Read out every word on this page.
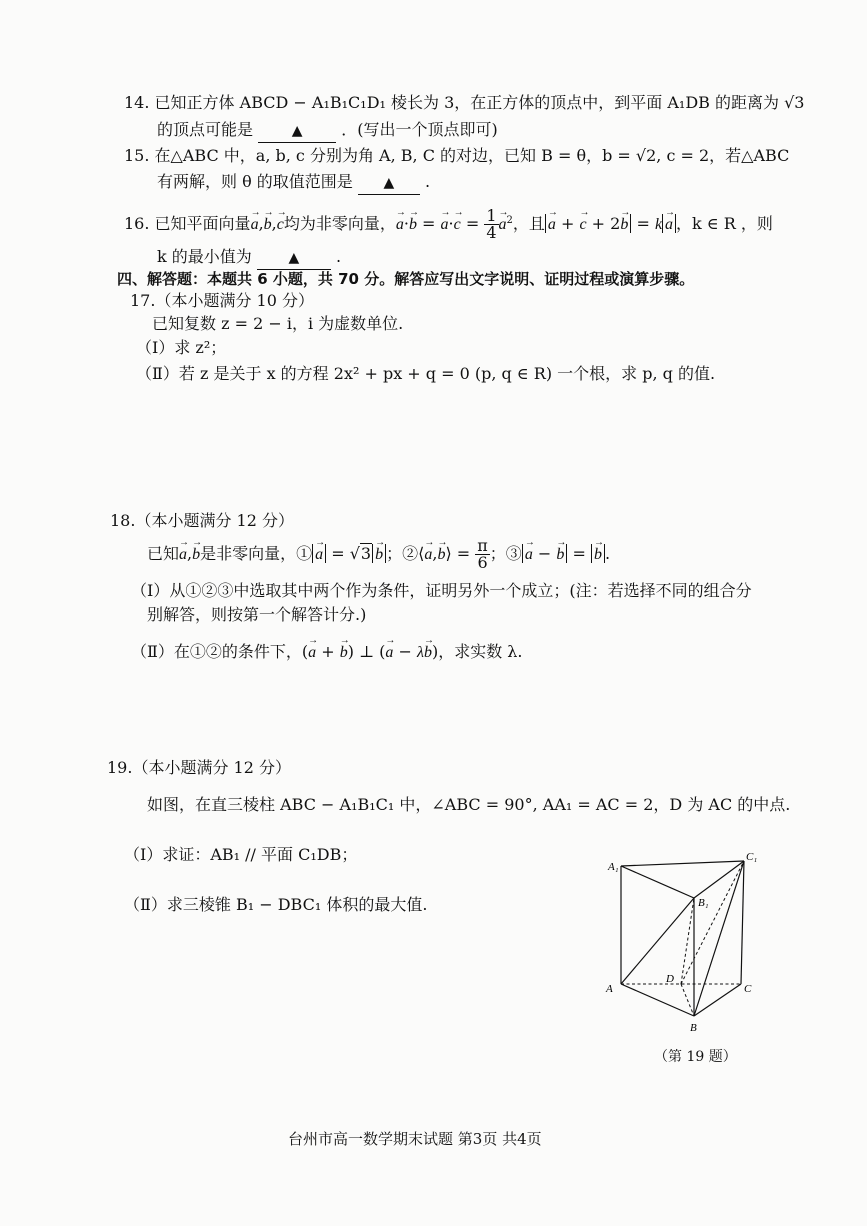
14. 已知正方体 ABCD − A₁B₁C₁D₁ 棱长为 3，在正方体的顶点中，到平面 A₁DB 的距离为 √3
的顶点可能是	▲ ．(写出一个顶点即可)
15. 在△ABC 中，a, b, c 分别为角 A, B, C 的对边，已知 B = θ，b = √2, c = 2，若△ABC
有两解，则 θ 的取值范围是 ▲ .
16. 已知平面向量→ a,→ b,→ c均为非零向量，→ a·→ b = → $a\cdot\to c = \frac{1}{4}$
→ $a^2$，且→ a + → c + 2→ b = k→ a ，k ∈ R ，则
k 的最小值为	▲ .
四、解答题：本题共 6 小题，共 70 分。解答应写出文字说明、证明过程或演算步骤。
17.（本小题满分 10 分）
已知复数 z = 2 − i，i 为虚数单位.
（Ⅰ）求 z²；
（Ⅱ）若 z 是关于 x 的方程 2x² + px + q = 0 (p, q ∈ R) 一个根，求 p, q 的值.
18.（本小题满分 12 分）
已知→ a,→ b是非零向量，①→ a = √3→ b ；②⟨→ a,→ b⟩ = $\frac{\pi}{6}$ ；③→ a − → b = → b .
（Ⅰ）从①②③中选取其中两个作为条件，证明另外一个成立；(注：若选择不同的组合分
别解答，则按第一个解答计分.)
（Ⅱ）在①②的条件下，(→ a + → b) ⊥ (→ a − λ→ b)，求实数 λ.
19.（本小题满分 12 分）
如图，在直三棱柱 ABC − A₁B₁C₁ 中，∠ABC = 90°, AA₁ = AC = 2，D 为 AC 的中点.
（Ⅰ）求证：AB₁ // 平面 C₁DB；
（Ⅱ）求三棱锥 B₁ − DBC₁ 体积的最大值.
A₁
C₁
B₁
A	C
D
B
（第 19 题）
台州市高一数学期末试题 第3页 共4页
